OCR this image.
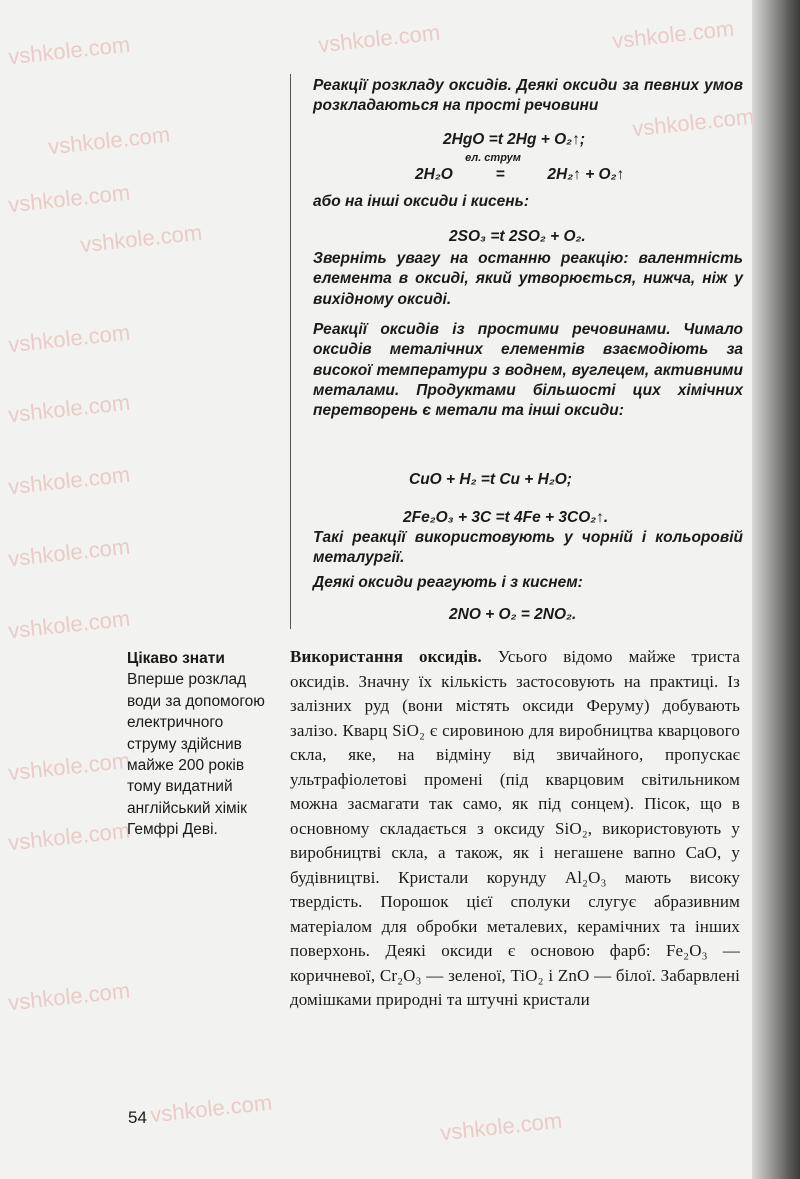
vshkole.com	vshkole.com	vshkole.com
vshkole.com	vshkole.com
vshkole.com
vshkole.com
vshkole.com
vshkole.com
vshkole.com
vshkole.com
vshkole.com
vshkole.com
vshkole.com
vshkole.com
vshkole.com	vshkole.com
Реакції розкладу оксидів. Деякі оксиди за певних умов розкладаються на прості речовини
2HgO =t 2Hg + O₂↑;
2H₂O
ел. струм
=	2H₂↑ + O₂↑
або на інші оксиди і кисень:
2SO₃ =t 2SO₂ + O₂.
Зверніть увагу на останню реакцію: валентність елемента в оксиді, який утворюється, нижча, ніж у вихідному оксиді.
Реакції оксидів із простими речовинами. Чимало оксидів металічних елементів взаємодіють за високої температури з воднем, вуглецем, активними металами. Продуктами більшості цих хімічних перетворень є метали та інші оксиди:
CuO + H₂ =t Cu + H₂O;
2Fe₂O₃ + 3C =t 4Fe + 3CO₂↑.
Такі реакції використовують у чорній і кольоровій металургії.
Деякі оксиди реагують і з киснем:
2NO + O₂ = 2NO₂.
Цікаво знати
Вперше розклад води за допомогою електричного струму здійснив майже 200 років тому видатний англійський хімік Гемфрі Деві.
Використання оксидів. Усього відомо майже триста оксидів. Значну їх кількість застосовують на практиці. Із залізних руд (вони містять оксиди Феруму) добувають залізо. Кварц SiO₂ є сировиною для виробництва кварцового скла, яке, на відміну від звичайного, пропускає ультрафіолетові промені (під кварцовим світильником можна засмагати так само, як під сонцем). Пісок, що в основному складається з оксиду SiO₂, використовують у виробництві скла, а також, як і негашене вапно CaO, у будівництві. Кристали корунду Al₂O₃ мають високу твердість. Порошок цієї сполуки слугує абразивним матеріалом для обробки металевих, керамічних та інших поверхонь. Деякі оксиди є основою фарб: Fe₂O₃ — коричневої, Cr₂O₃ — зеленої, TiO₂ і ZnO — білої. Забарвлені домішками природні та штучні кристали
54
